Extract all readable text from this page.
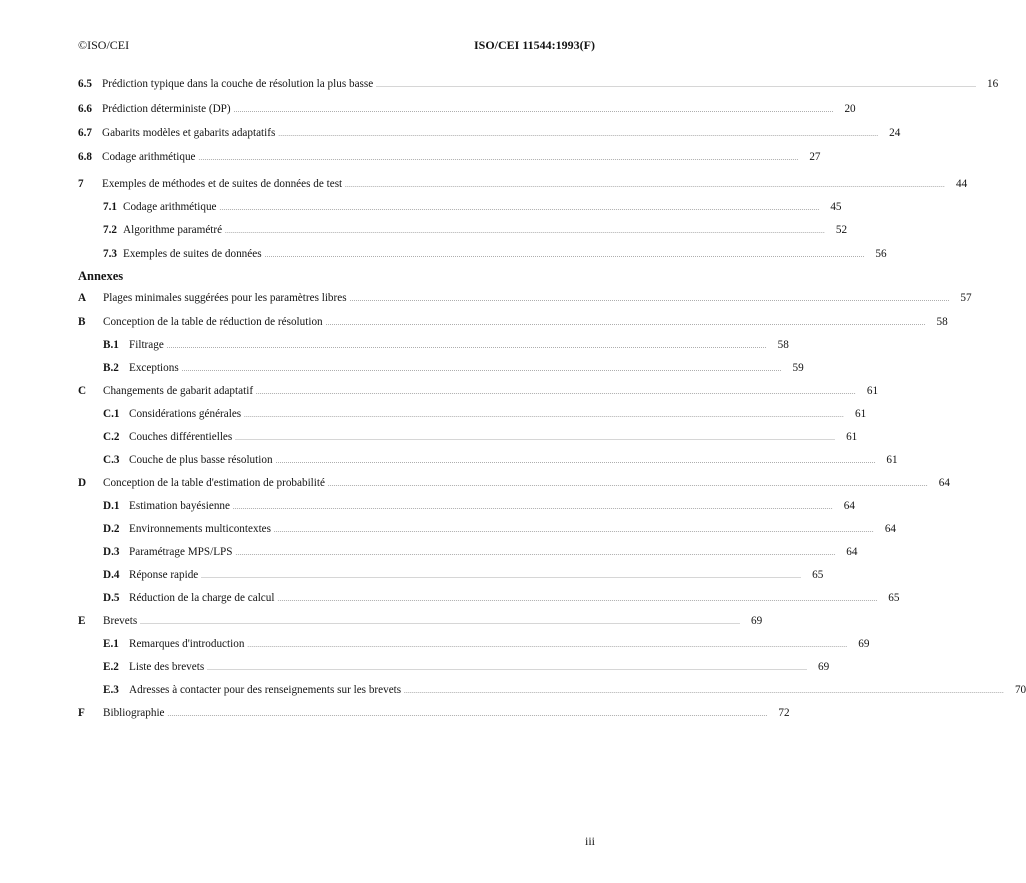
©ISO/CEI	ISO/CEI 11544:1993(F)
6.5 Prédiction typique dans la couche de résolution la plus basse ............................................................................................................................................................................................................................................................................................................ 16
6.6 Prédiction déterministe (DP) ............................................................................................................................................................................................................................................................................................................ 20
6.7 Gabarits modèles et gabarits adaptatifs ............................................................................................................................................................................................................................................................................................................ 24
6.8 Codage arithmétique ............................................................................................................................................................................................................................................................................................................ 27
7	Exemples de méthodes et de suites de données de test ............................................................................................................................................................................................................................................................................................................ 44
7.1 Codage arithmétique ............................................................................................................................................................................................................................................................................................................ 45
7.2 Algorithme paramétré ............................................................................................................................................................................................................................................................................................................ 52
7.3 Exemples de suites de données ............................................................................................................................................................................................................................................................................................................ 56
Annexes
A	Plages minimales suggérées pour les paramètres libres ............................................................................................................................................................................................................................................................................................................ 57
B	Conception de la table de réduction de résolution ............................................................................................................................................................................................................................................................................................................ 58
B.1 Filtrage ............................................................................................................................................................................................................................................................................................................ 58
B.2 Exceptions ............................................................................................................................................................................................................................................................................................................ 59
C	Changements de gabarit adaptatif ............................................................................................................................................................................................................................................................................................................ 61
C.1 Considérations générales ............................................................................................................................................................................................................................................................................................................ 61
C.2 Couches différentielles ............................................................................................................................................................................................................................................................................................................ 61
C.3 Couche de plus basse résolution ............................................................................................................................................................................................................................................................................................................ 61
D	Conception de la table d'estimation de probabilité ............................................................................................................................................................................................................................................................................................................ 64
D.1 Estimation bayésienne ............................................................................................................................................................................................................................................................................................................ 64
D.2 Environnements multicontextes ............................................................................................................................................................................................................................................................................................................ 64
D.3 Paramétrage MPS/LPS ............................................................................................................................................................................................................................................................................................................ 64
D.4 Réponse rapide ............................................................................................................................................................................................................................................................................................................ 65
D.5 Réduction de la charge de calcul ............................................................................................................................................................................................................................................................................................................ 65
E	Brevets ............................................................................................................................................................................................................................................................................................................ 69
E.1 Remarques d'introduction ............................................................................................................................................................................................................................................................................................................ 69
E.2 Liste des brevets ............................................................................................................................................................................................................................................................................................................ 69
E.3 Adresses à contacter pour des renseignements sur les brevets ............................................................................................................................................................................................................................................................................................................ 70
F	Bibliographie ............................................................................................................................................................................................................................................................................................................ 72
iii
